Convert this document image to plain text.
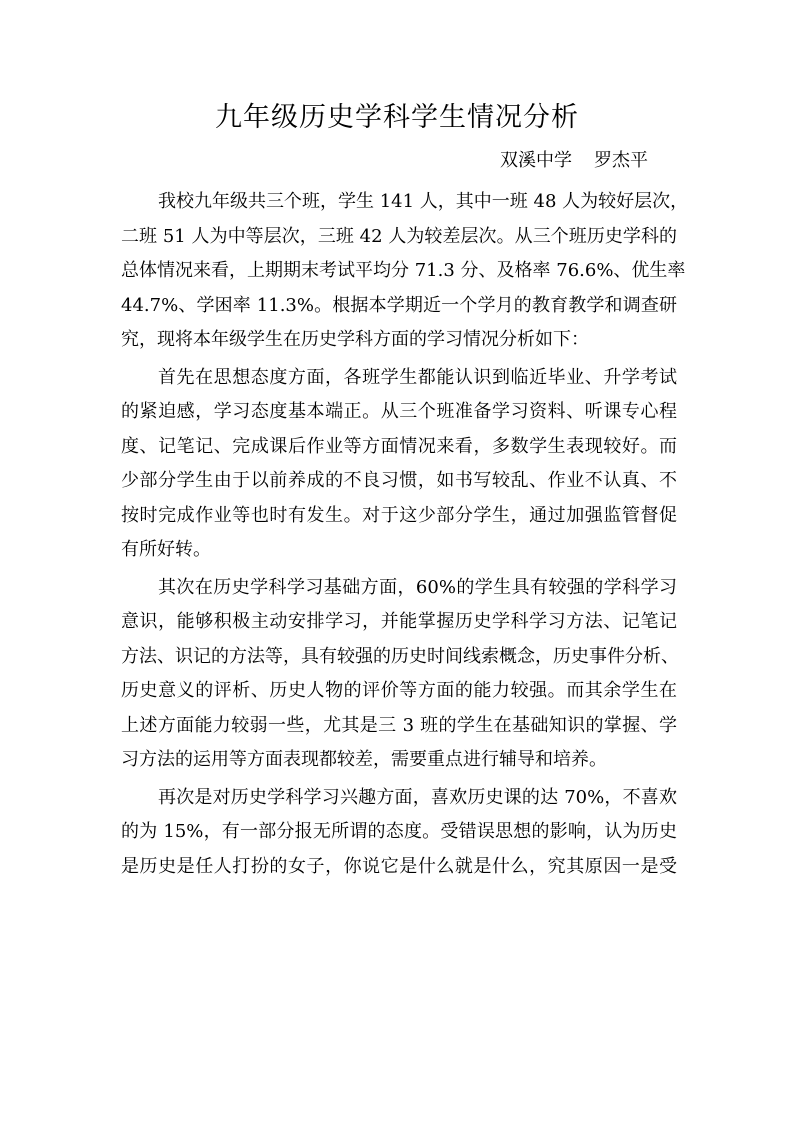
九年级历史学科学生情况分析
双溪中学 罗杰平
我校九年级共三个班，学生 141 人，其中一班 48 人为较好层次，
二班 51 人为中等层次，三班 42 人为较差层次。从三个班历史学科的
总体情况来看，上期期末考试平均分 71.3 分、及格率 76.6%、优生率
44.7%、学困率 11.3%。根据本学期近一个学月的教育教学和调查研
究，现将本年级学生在历史学科方面的学习情况分析如下：
首先在思想态度方面，各班学生都能认识到临近毕业、升学考试
的紧迫感，学习态度基本端正。从三个班准备学习资料、听课专心程
度、记笔记、完成课后作业等方面情况来看，多数学生表现较好。而
少部分学生由于以前养成的不良习惯，如书写较乱、作业不认真、不
按时完成作业等也时有发生。对于这少部分学生，通过加强监管督促
有所好转。
其次在历史学科学习基础方面，60%的学生具有较强的学科学习
意识，能够积极主动安排学习，并能掌握历史学科学习方法、记笔记
方法、识记的方法等，具有较强的历史时间线索概念，历史事件分析、
历史意义的评析、历史人物的评价等方面的能力较强。而其余学生在
上述方面能力较弱一些，尤其是三 3 班的学生在基础知识的掌握、学
习方法的运用等方面表现都较差，需要重点进行辅导和培养。
再次是对历史学科学习兴趣方面，喜欢历史课的达 70%，不喜欢
的为 15%，有一部分报无所谓的态度。受错误思想的影响，认为历史
是历史是任人打扮的女子，你说它是什么就是什么，究其原因一是受
